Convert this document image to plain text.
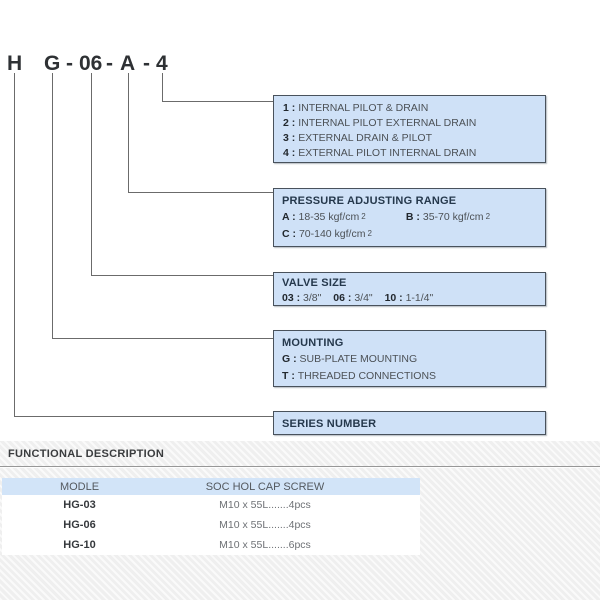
H G - 06 - A - 4
1 : INTERNAL PILOT & DRAIN
2 : INTERNAL PILOT EXTERNAL DRAIN
3 : EXTERNAL DRAIN & PILOT
4 : EXTERNAL PILOT INTERNAL DRAIN
PRESSURE ADJUSTING RANGE
A : 18-35 kgf/cm $^2$	B : 35-70 kgf/cm $^2$
C : 70-140 kgf/cm $^2$
VALVE SIZE
03 : 3/8" 06 : 3/4" 10 : 1-1/4"
MOUNTING
G : SUB-PLATE MOUNTING
T : THREADED CONNECTIONS
SERIES NUMBER
FUNCTIONAL DESCRIPTION
MODLE	SOC HOL CAP SCREW
HG-03	M10 x 55L.......4pcs
HG-06	M10 x 55L.......4pcs
HG-10	M10 x 55L.......6pcs
